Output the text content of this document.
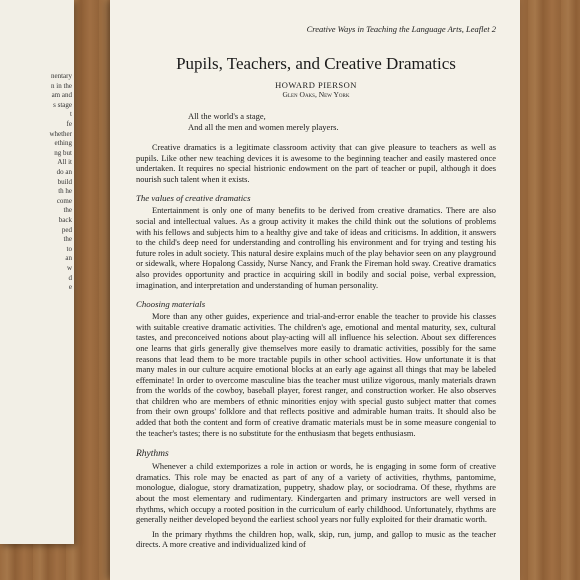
nentary
n in the
am and
s stage
t
fe
whether
ething
ng but
All it
do an
build
th he
come
the
back
ped
the
to
an
w
d
e
Creative Ways in Teaching the Language Arts, Leaflet 2
Pupils, Teachers, and Creative Dramatics
HOWARD PIERSON
Glen Oaks, New York
All the world's a stage,
And all the men and women merely players.

Creative dramatics is a legitimate classroom activity that can give pleasure to teachers as well as pupils. Like other new teaching devices it is awesome to the beginning teacher and easily mastered once undertaken. It requires no special histrionic endowment on the part of teacher or pupil, although it does nourish such talent when it exists.

The values of creative dramatics

Entertainment is only one of many benefits to be derived from creative dramatics. There are also social and intellectual values. As a group activity it makes the child think out the solutions of problems with his fellows and subjects him to a healthy give and take of ideas and criticisms. In addition, it answers to the child's deep need for understanding and controlling his environment and for trying and testing his future roles in adult society. This natural desire explains much of the play behavior seen on any playground or sidewalk, where Hopalong Cassidy, Nurse Nancy, and Frank the Fireman hold sway. Creative dramatics also provides opportunity and practice in acquiring skill in bodily and social poise, verbal expression, imagination, and interpretation and understanding of human personality.

Choosing materials

More than any other guides, experience and trial-and-error enable the teacher to provide his classes with suitable creative dramatic activities. The children's age, emotional and mental maturity, sex, cultural tastes, and preconceived notions about play-acting will all influence his selection. About sex differences one learns that girls generally give themselves more easily to dramatic activities, possibly for the same reasons that lead them to be more tractable pupils in other school activities. How unfortunate it is that many males in our culture acquire emotional blocks at an early age against all things that may be labeled effeminate! In order to overcome masculine bias the teacher must utilize vigorous, manly materials drawn from the worlds of the cowboy, baseball player, forest ranger, and construction worker. He also observes that children who are members of ethnic minorities enjoy with special gusto subject matter that comes from their own groups' folklore and that reflects positive and admirable human traits. It should also be added that both the content and form of creative dramatic materials must be in some measure congenial to the teacher's tastes; there is no substitute for the enthusiasm that begets enthusiasm.

Rhythms

Whenever a child extemporizes a role in action or words, he is engaging in some form of creative dramatics. This role may be enacted as part of any of a variety of activities, rhythms, pantomime, monologue, dialogue, story dramatization, puppetry, shadow play, or sociodrama. Of these, rhythms are about the most elementary and rudimentary. Kindergarten and primary instructors are well versed in rhythms, which occupy a rooted position in the curriculum of early childhood. Unfortunately, rhythms are generally neither developed beyond the earliest school years nor fully exploited for their dramatic worth.

In the primary rhythms the children hop, walk, skip, run, jump, and gallop to music as the teacher directs. A more creative and individualized kind of
